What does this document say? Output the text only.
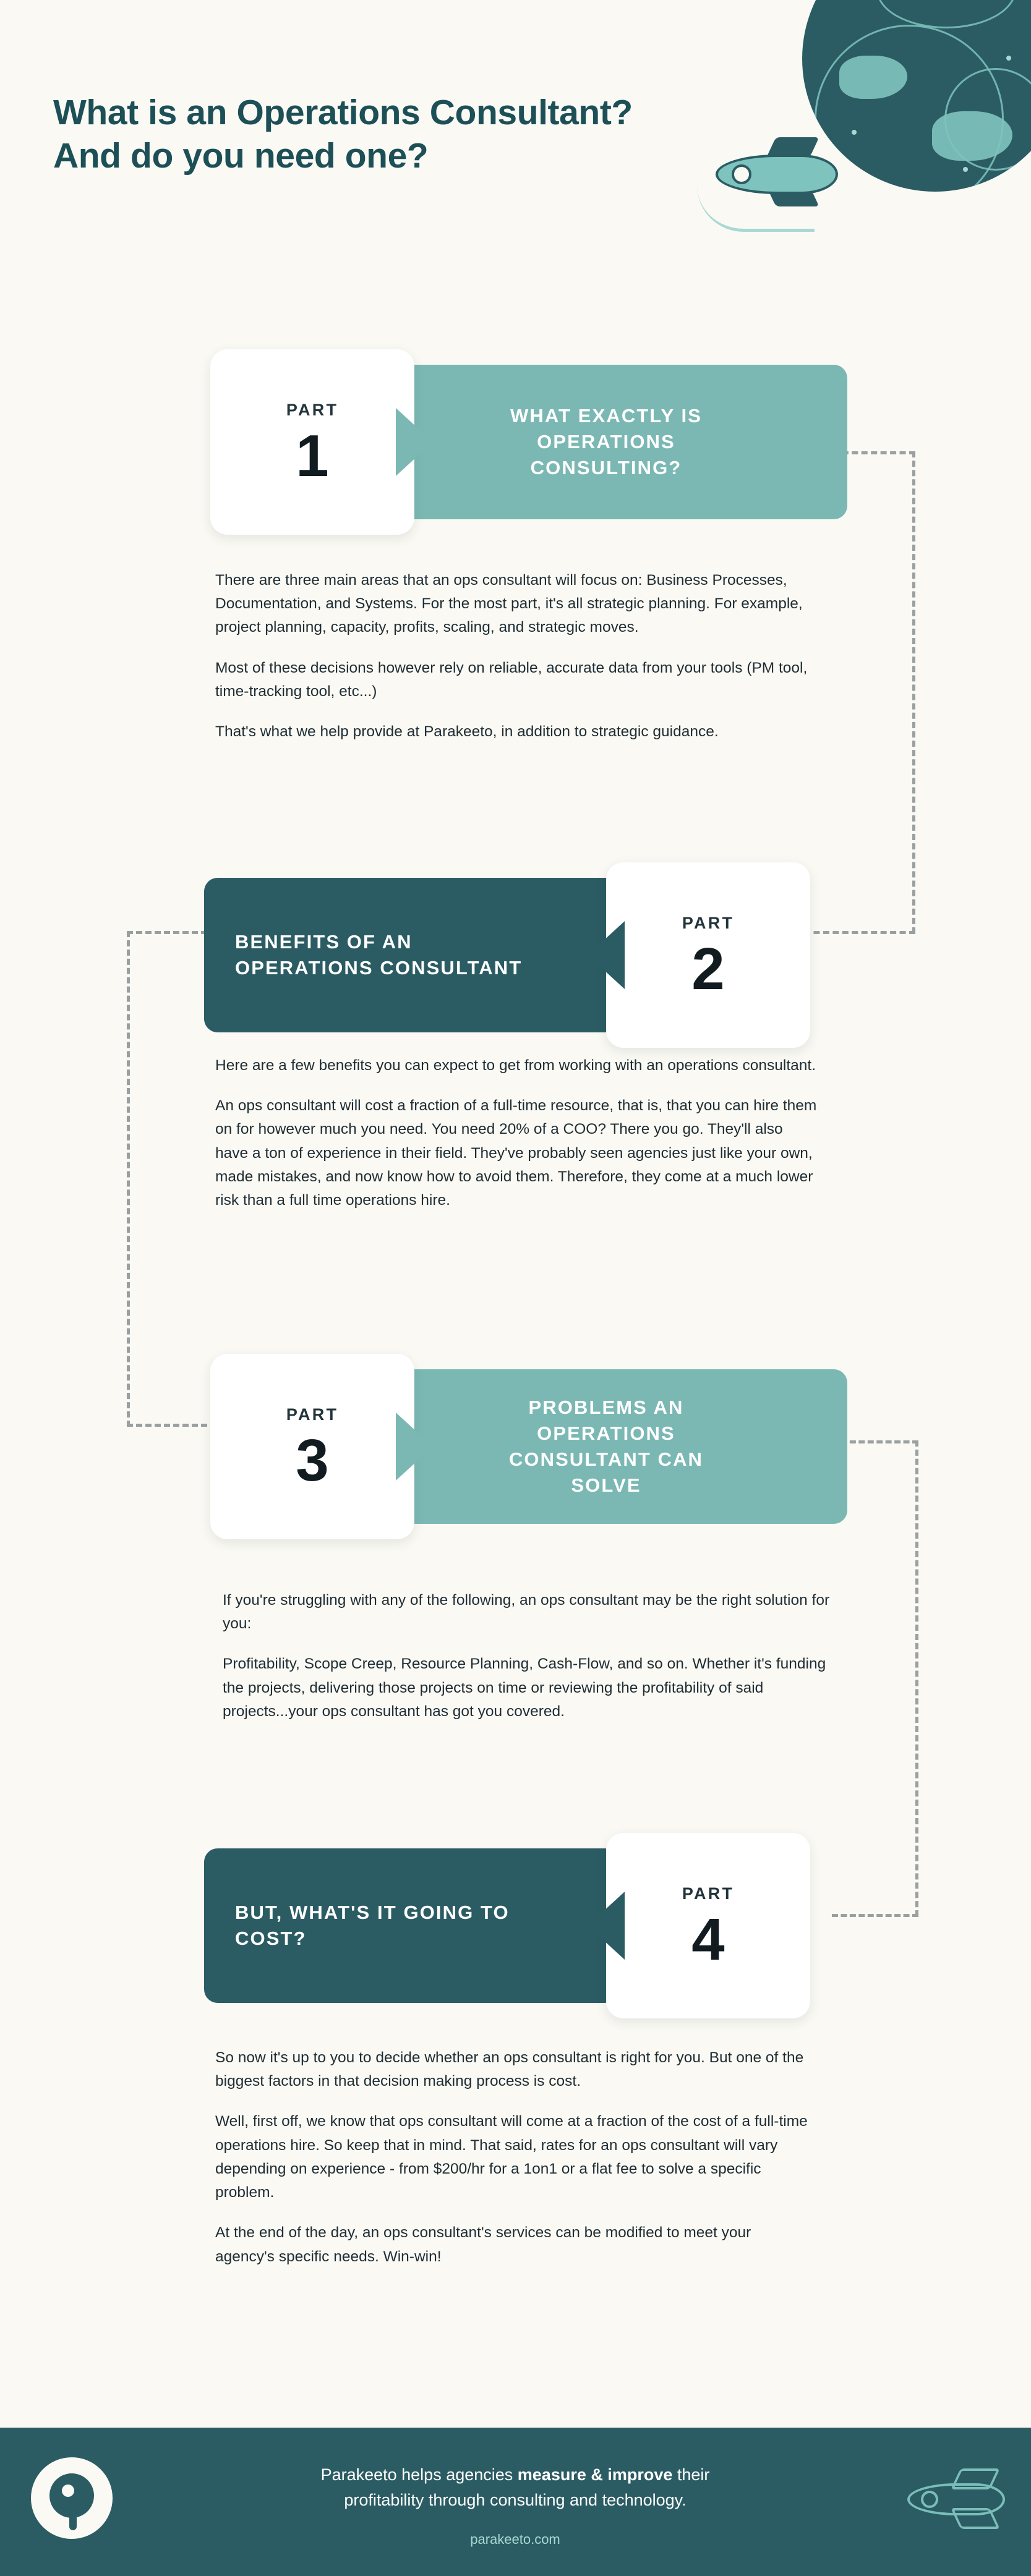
What is an Operations Consultant? And do you need one?
PART
1
WHAT EXACTLY IS OPERATIONS CONSULTING?

There are three main areas that an ops consultant will focus on: Business Processes, Documentation, and Systems. For the most part, it's all strategic planning. For example, project planning, capacity, profits, scaling, and strategic moves.

Most of these decisions however rely on reliable, accurate data from your tools (PM tool, time-tracking tool, etc...)

That's what we help provide at Parakeeto, in addition to strategic guidance.

BENEFITS OF AN OPERATIONS CONSULTANT
PART
2

Here are a few benefits you can expect to get from working with an operations consultant.

An ops consultant will cost a fraction of a full-time resource, that is, that you can hire them on for however much you need. You need 20% of a COO? There you go. They'll also have a ton of experience in their field. They've probably seen agencies just like your own, made mistakes, and now know how to avoid them. Therefore, they come at a much lower risk than a full time operations hire.

PART
3
PROBLEMS AN OPERATIONS CONSULTANT CAN SOLVE

If you're struggling with any of the following, an ops consultant may be the right solution for you:

Profitability, Scope Creep, Resource Planning, Cash-Flow, and so on. Whether it's funding the projects, delivering those projects on time or reviewing the profitability of said projects...your ops consultant has got you covered.

BUT, WHAT'S IT GOING TO COST?
PART
4

So now it's up to you to decide whether an ops consultant is right for you. But one of the biggest factors in that decision making process is cost.

Well, first off, we know that ops consultant will come at a fraction of the cost of a full-time operations hire. So keep that in mind. That said, rates for an ops consultant will vary depending on experience - from $200/hr for a 1on1 or a flat fee to solve a specific problem.

At the end of the day, an ops consultant's services can be modified to meet your agency's specific needs. Win-win!

Parakeeto helps agencies measure & improve their
profitability through consulting and technology.
parakeeto.com
